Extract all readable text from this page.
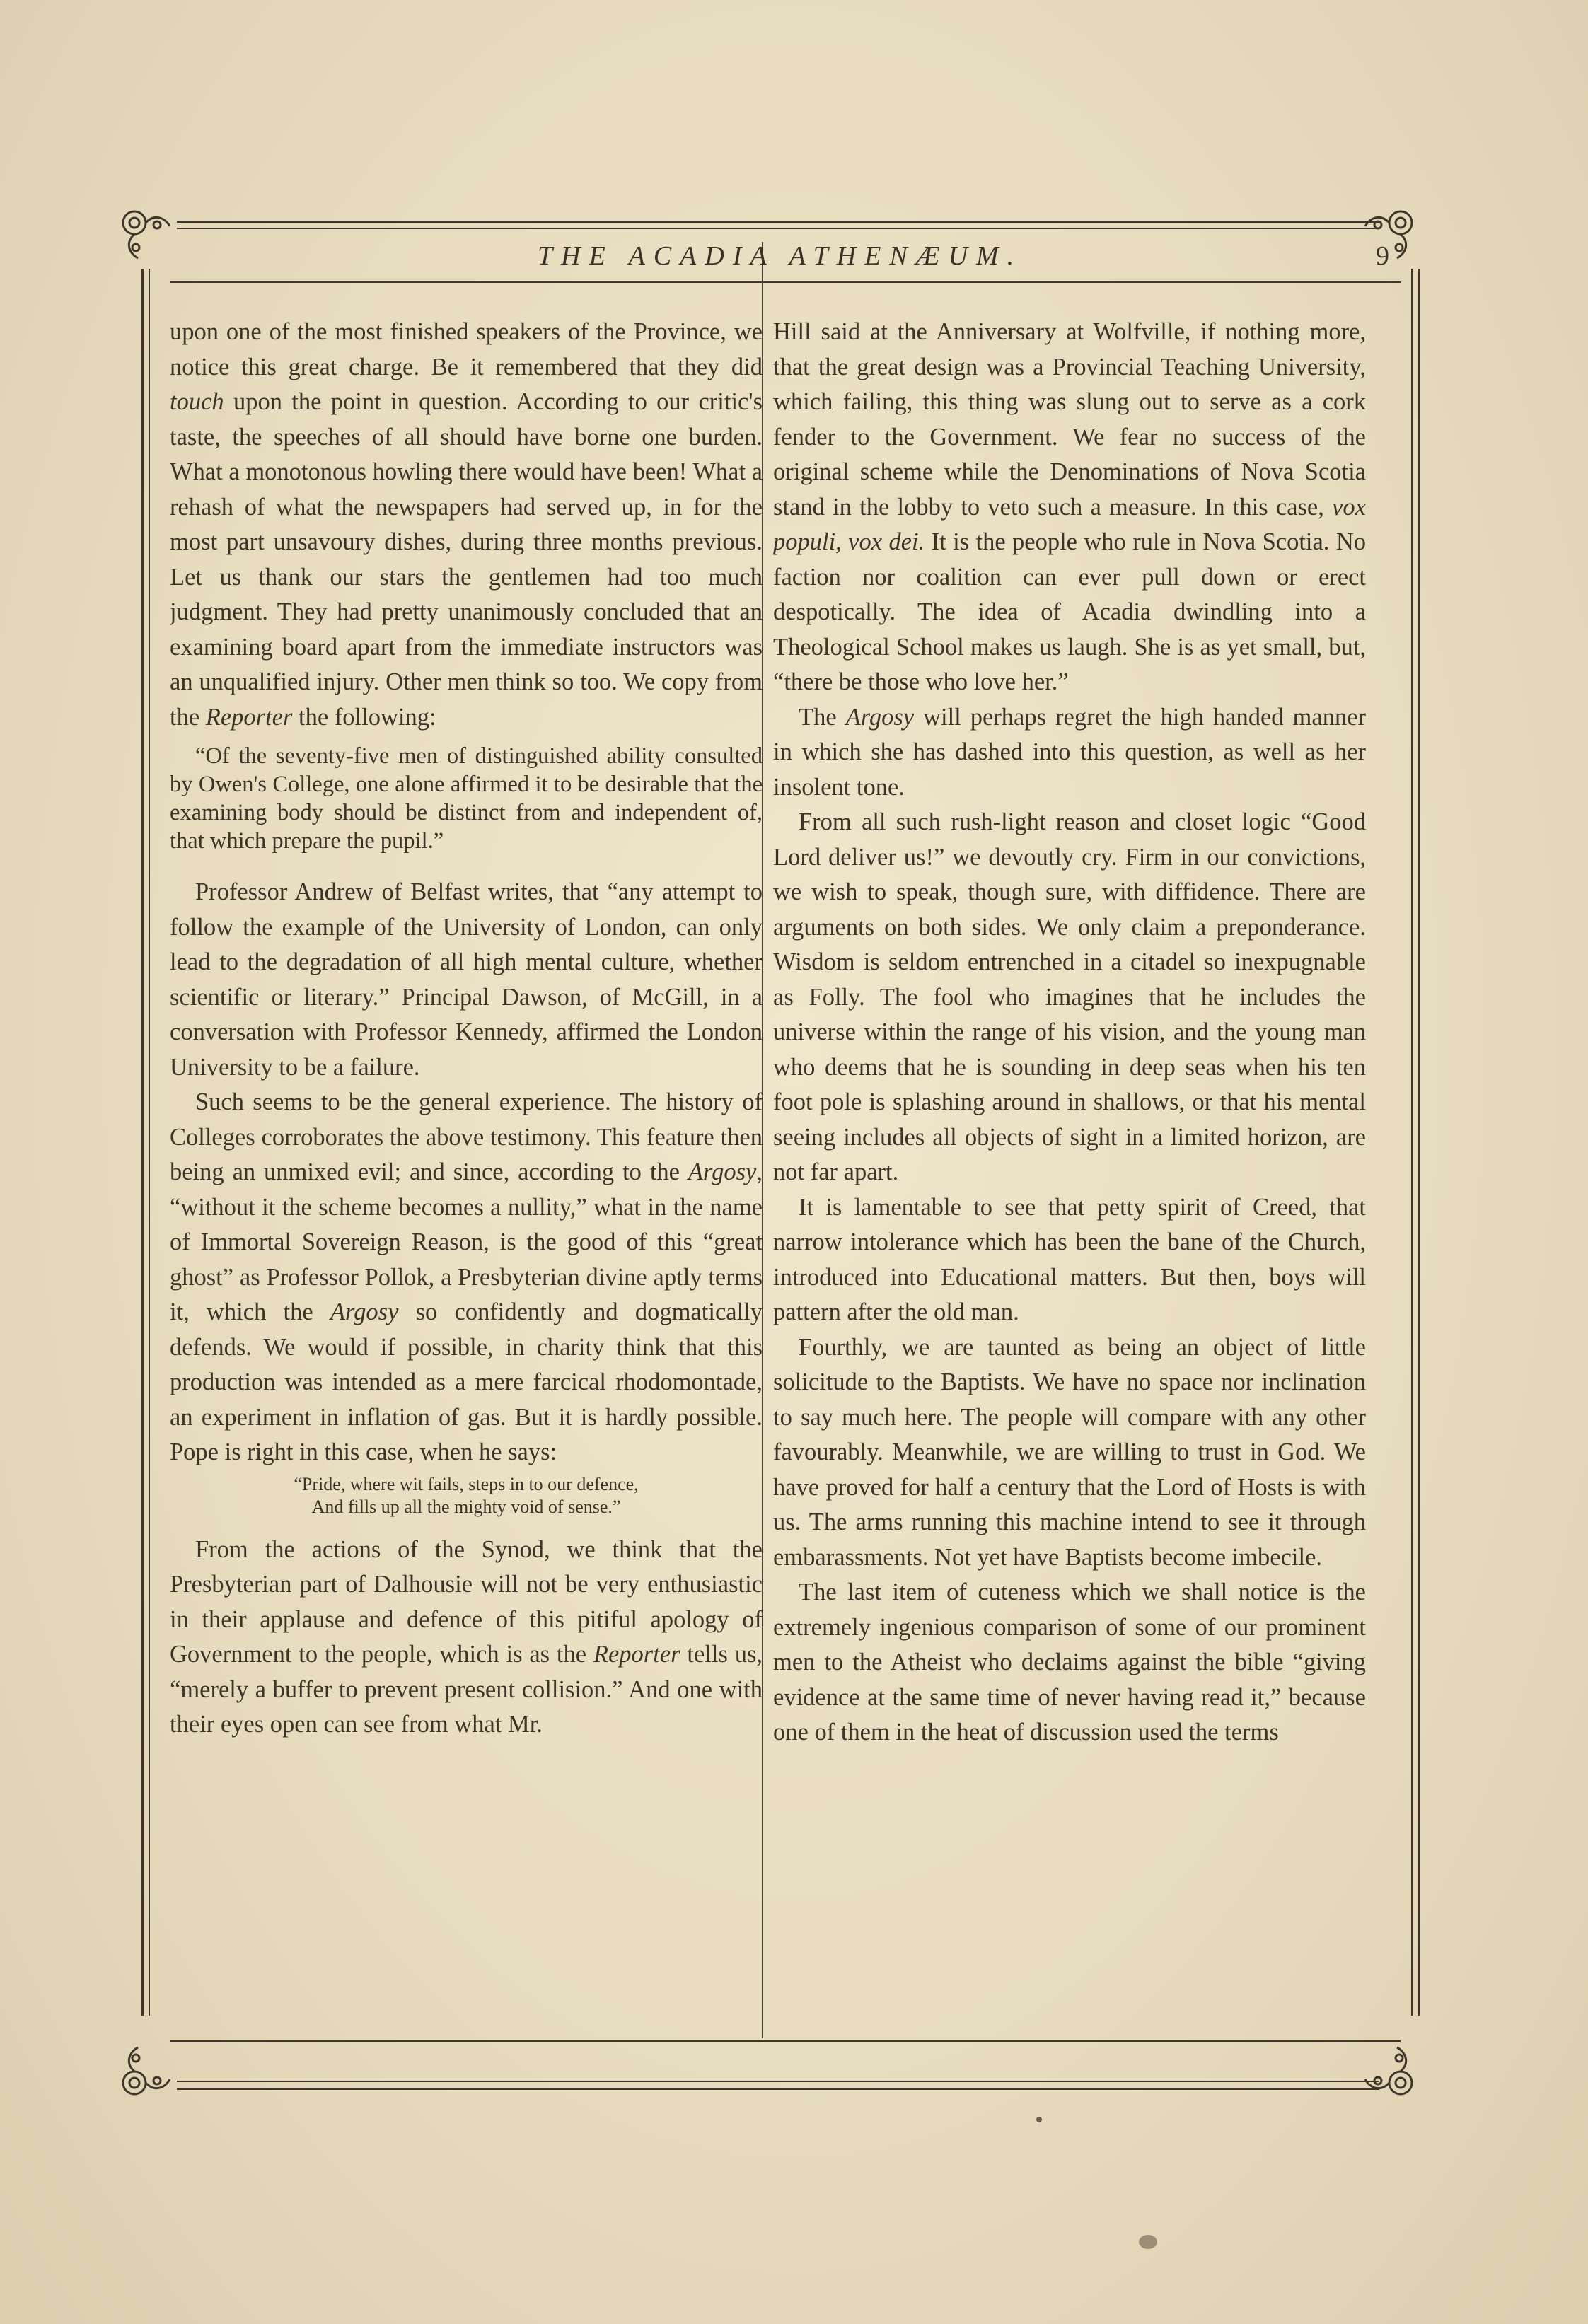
THE ACADIA ATHENÆUM.	9

upon one of the most finished speakers of the Province, we notice this great charge. Be it remembered that they did touch upon the point in question. According to our critic's taste, the speeches of all should have borne one burden. What a monotonous howling there would have been! What a rehash of what the newspapers had served up, in for the most part unsavoury dishes, during three months previous. Let us thank our stars the gentlemen had too much judgment. They had pretty unanimously concluded that an examining board apart from the immediate instructors was an unqualified injury. Other men think so too. We copy from the Reporter the following:

“Of the seventy-five men of distinguished ability consulted by Owen's College, one alone affirmed it to be desirable that the examining body should be distinct from and independent of, that which prepare the pupil.”

Professor Andrew of Belfast writes, that “any attempt to follow the example of the University of London, can only lead to the degradation of all high mental culture, whether scientific or literary.” Principal Dawson, of McGill, in a conversation with Professor Kennedy, affirmed the London University to be a failure.

Such seems to be the general experience. The history of Colleges corroborates the above testimony. This feature then being an unmixed evil; and since, according to the Argosy, “without it the scheme becomes a nullity,” what in the name of Immortal Sovereign Reason, is the good of this “great ghost” as Professor Pollok, a Presbyterian divine aptly terms it, which the Argosy so confidently and dogmatically defends. We would if possible, in charity think that this production was intended as a mere farcical rhodomontade, an experiment in inflation of gas. But it is hardly possible. Pope is right in this case, when he says:

“Pride, where wit fails, steps in to our defence,
And fills up all the mighty void of sense.”

From the actions of the Synod, we think that the Presbyterian part of Dalhousie will not be very enthusiastic in their applause and defence of this pitiful apology of Government to the people, which is as the Reporter tells us, “merely a buffer to prevent present collision.” And one with their eyes open can see from what Mr.

Hill said at the Anniversary at Wolfville, if nothing more, that the great design was a Provincial Teaching University, which failing, this thing was slung out to serve as a cork fender to the Government. We fear no success of the original scheme while the Denominations of Nova Scotia stand in the lobby to veto such a measure. In this case, vox populi, vox dei. It is the people who rule in Nova Scotia. No faction nor coalition can ever pull down or erect despotically. The idea of Acadia dwindling into a Theological School makes us laugh. She is as yet small, but, “there be those who love her.”

The Argosy will perhaps regret the high handed manner in which she has dashed into this question, as well as her insolent tone.

From all such rush-light reason and closet logic “Good Lord deliver us!” we devoutly cry. Firm in our convictions, we wish to speak, though sure, with diffidence. There are arguments on both sides. We only claim a preponderance. Wisdom is seldom entrenched in a citadel so inexpugnable as Folly. The fool who imagines that he includes the universe within the range of his vision, and the young man who deems that he is sounding in deep seas when his ten foot pole is splashing around in shallows, or that his mental seeing includes all objects of sight in a limited horizon, are not far apart.

It is lamentable to see that petty spirit of Creed, that narrow intolerance which has been the bane of the Church, introduced into Educational matters. But then, boys will pattern after the old man.

Fourthly, we are taunted as being an object of little solicitude to the Baptists. We have no space nor inclination to say much here. The people will compare with any other favourably. Meanwhile, we are willing to trust in God. We have proved for half a century that the Lord of Hosts is with us. The arms running this machine intend to see it through embarassments. Not yet have Baptists become imbecile.

The last item of cuteness which we shall notice is the extremely ingenious comparison of some of our prominent men to the Atheist who declaims against the bible “giving evidence at the same time of never having read it,” because one of them in the heat of discussion used the terms
